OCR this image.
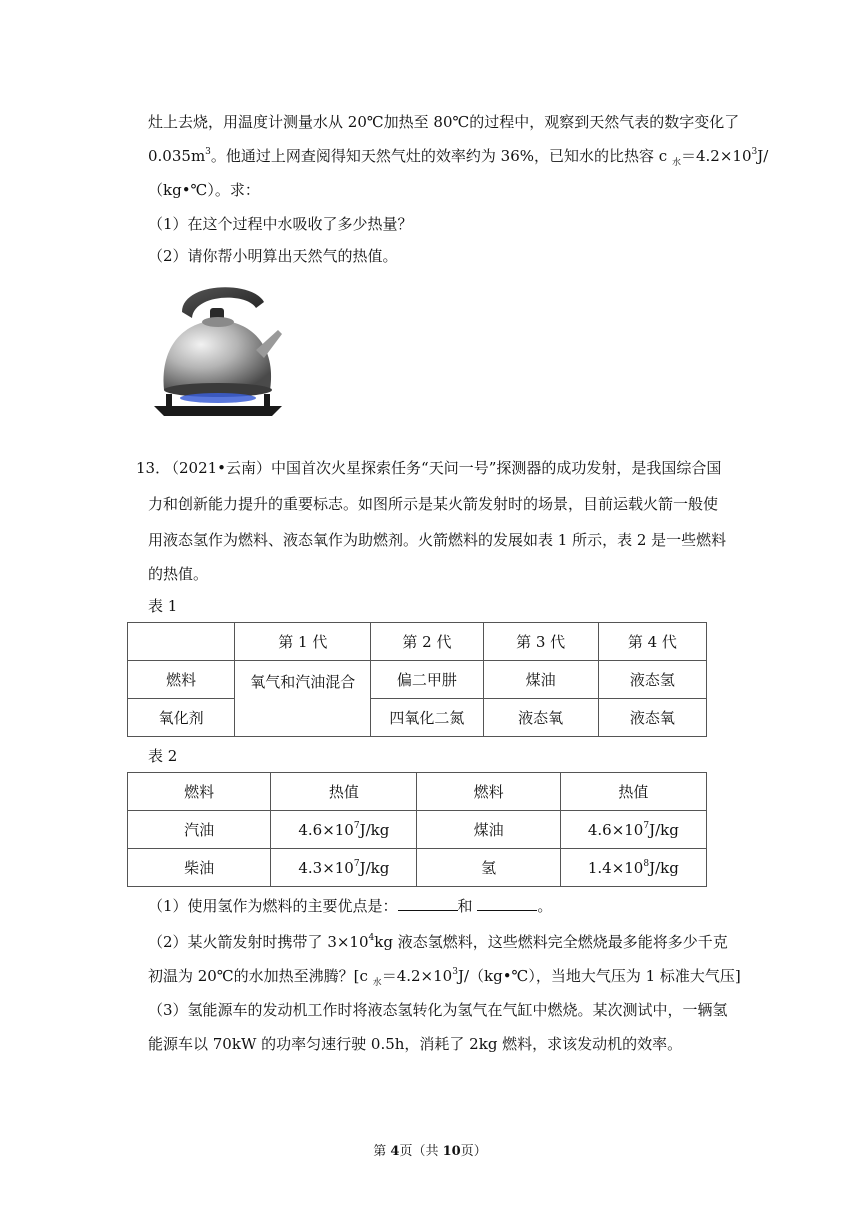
灶上去烧，用温度计测量水从 20℃加热至 80℃的过程中，观察到天然气表的数字变化了
$0.035m^3$。他通过上网查阅得知天然气灶的效率约为 36%，已知水的比热容 c $_水=4.2\times 10^3J/$
（kg•℃）。求：
（1）在这个过程中水吸收了多少热量？
（2）请你帮小明算出天然气的热值。
13．
（2021•云南）中国首次火星探索任务“天问一号”探测器的成功发射，是我国综合国
力和创新能力提升的重要标志。如图所示是某火箭发射时的场景，目前运载火箭一般使
用液态氢作为燃料、液态氧作为助燃剂。火箭燃料的发展如表 1 所示，表 2 是一些燃料
的热值。
表 1
	第 1 代	第 2 代	第 3 代	第 4 代
燃料	氧气和汽油混合	偏二甲肼	煤油	液态氢
氧化剂		四氧化二氮	液态氧	液态氧
表 2
燃料	热值	燃料	热值
汽油	$4.6\times 10^7J/kg$	煤油	$4.6\times 10^7J/kg$
柴油	$4.3\times 10^7J/kg$	氢	$1.4\times 10^8J/kg$
（1）使用氢作为燃料的主要优点是：	和	。
（2）某火箭发射时携带了 $3\times 10^4kg$ 液态氢燃料，这些燃料完全燃烧最多能将多少千克
初温为 20℃的水加热至沸腾？[c $_水=4.2\times 10^3J/(kg•℃)$，当地大气压为 1 标准大气压]
（3）氢能源车的发动机工作时将液态氢转化为氢气在气缸中燃烧。某次测试中，一辆氢
能源车以 70kW 的功率匀速行驶 0.5h，消耗了 2kg 燃料，求该发动机的效率。
第 4页（共 10页）
